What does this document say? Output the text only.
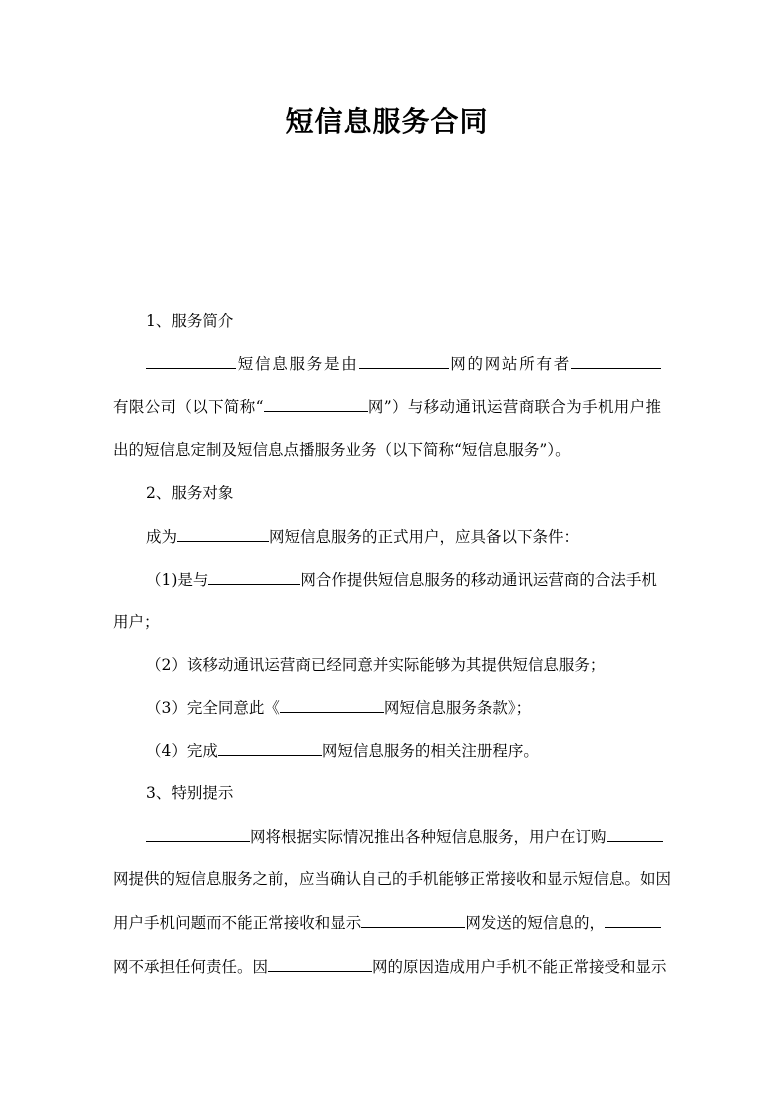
短信息服务合同
1、服务简介
短信息服务是由	网的网站所有者
有限公司（以下简称“	网”）与移动通讯运营商联合为手机用户推
出的短信息定制及短信息点播服务业务（以下简称“短信息服务”）。
2、服务对象
成为	网短信息服务的正式用户，应具备以下条件：
（1)是与	网合作提供短信息服务的移动通讯运营商的合法手机
用户；
（2）该移动通讯运营商已经同意并实际能够为其提供短信息服务；
（3）完全同意此《	网短信息服务条款》；
（4）完成	网短信息服务的相关注册程序。
3、特别提示
网将根据实际情况推出各种短信息服务，用户在订购
网提供的短信息服务之前，应当确认自己的手机能够正常接收和显示短信息。如因
用户手机问题而不能正常接收和显示	网发送的短信息的，
网不承担任何责任。因	网的原因造成用户手机不能正常接受和显示
